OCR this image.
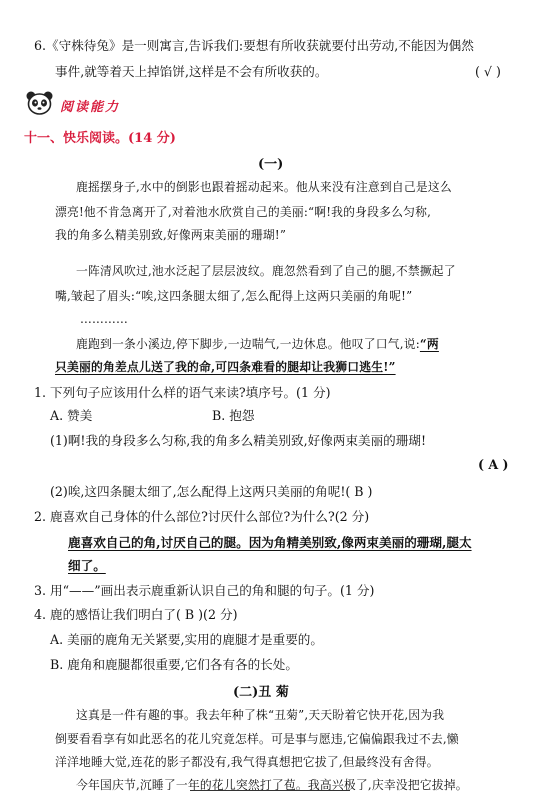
6.《守株待兔》是一则寓言,告诉我们:要想有所收获就要付出劳动,不能因为偶然
事件,就等着天上掉馅饼,这样是不会有所收获的。	( √ )
阅读能力
十一、快乐阅读。(14 分)
(一)
鹿摇摆身子,水中的倒影也跟着摇动起来。他从来没有注意到自己是这么
漂亮!他不肯急离开了,对着池水欣赏自己的美丽:“啊!我的身段多么匀称,
我的角多么精美别致,好像两束美丽的珊瑚!”
一阵清风吹过,池水泛起了层层波纹。鹿忽然看到了自己的腿,不禁撅起了
嘴,皱起了眉头:“唉,这四条腿太细了,怎么配得上这两只美丽的角呢!”
…………
鹿跑到一条小溪边,停下脚步,一边喘气,一边休息。他叹了口气,说:“两
只美丽的角差点儿送了我的命,可四条难看的腿却让我狮口逃生!”
1. 下列句子应该用什么样的语气来读?填序号。(1 分)
A. 赞美	B. 抱怨
(1)啊!我的身段多么匀称,我的角多么精美别致,好像两束美丽的珊瑚!
( A )
(2)唉,这四条腿太细了,怎么配得上这两只美丽的角呢!( B )
2. 鹿喜欢自己身体的什么部位?讨厌什么部位?为什么?(2 分)
鹿喜欢自己的角,讨厌自己的腿。因为角精美别致,像两束美丽的珊瑚,腿太
细了。
3. 用“——”画出表示鹿重新认识自己的角和腿的句子。(1 分)
4. 鹿的感悟让我们明白了( B )(2 分)
A. 美丽的鹿角无关紧要,实用的鹿腿才是重要的。
B. 鹿角和鹿腿都很重要,它们各有各的长处。
(二)丑 菊
这真是一件有趣的事。我去年种了株“丑菊”,天天盼着它快开花,因为我
倒要看看享有如此恶名的花儿究竟怎样。可是事与愿违,它偏偏跟我过不去,懒
洋洋地睡大觉,连花的影子都没有,我气得真想把它拔了,但最终没有舍得。
今年国庆节,沉睡了一年的花儿突然打了苞。我高兴极了,庆幸没把它拔掉。
